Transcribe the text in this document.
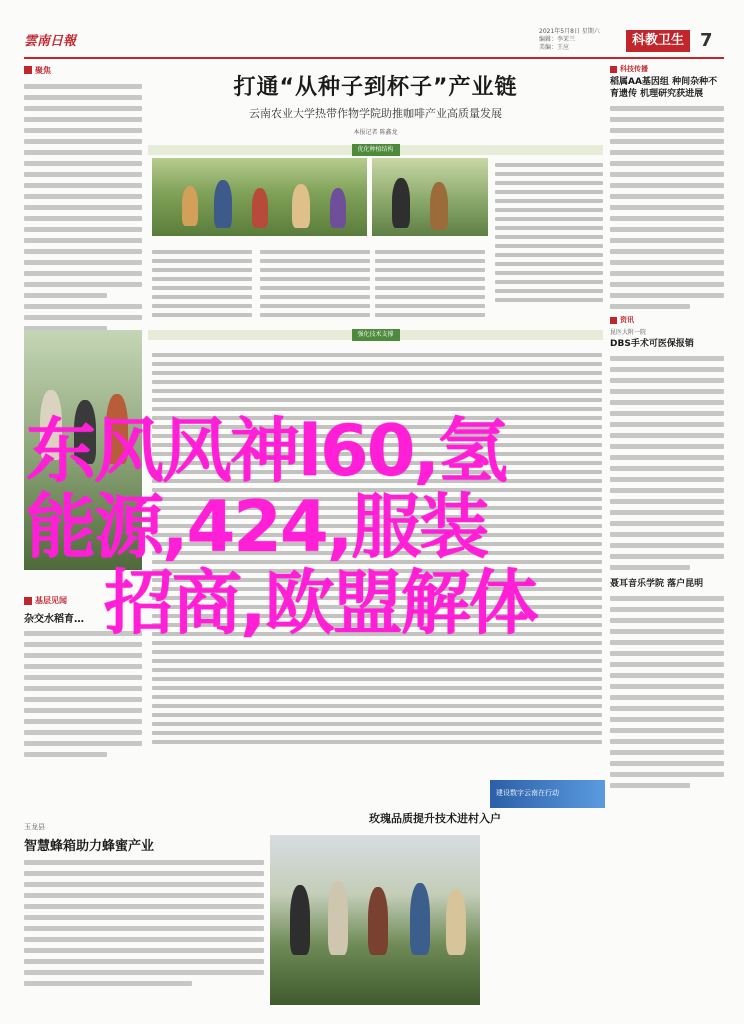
雲南日報
2021年5月8日 星期六
编辑：李茉兰
美编：王应	科教卫生 7
聚焦
打通“从种子到杯子”产业链
云南农业大学热带作物学院助推咖啡产业高质量发展
本报记者 陈鑫龙
优化种植结构
强化技术支撑
基层见闻
杂交水稻育…
建设数字云南在行动
玉龙县
智慧蜂箱助力蜂蜜产业
玫瑰品质提升技术进村入户
科技传播
稻属AA基因组 种间杂种不育遗传 机理研究获进展
资讯
昆医大附一院
DBS手术可医保报销
聂耳音乐学院 落户昆明
东风风神l60,氢
能源,424,服装
招商,欧盟解体
